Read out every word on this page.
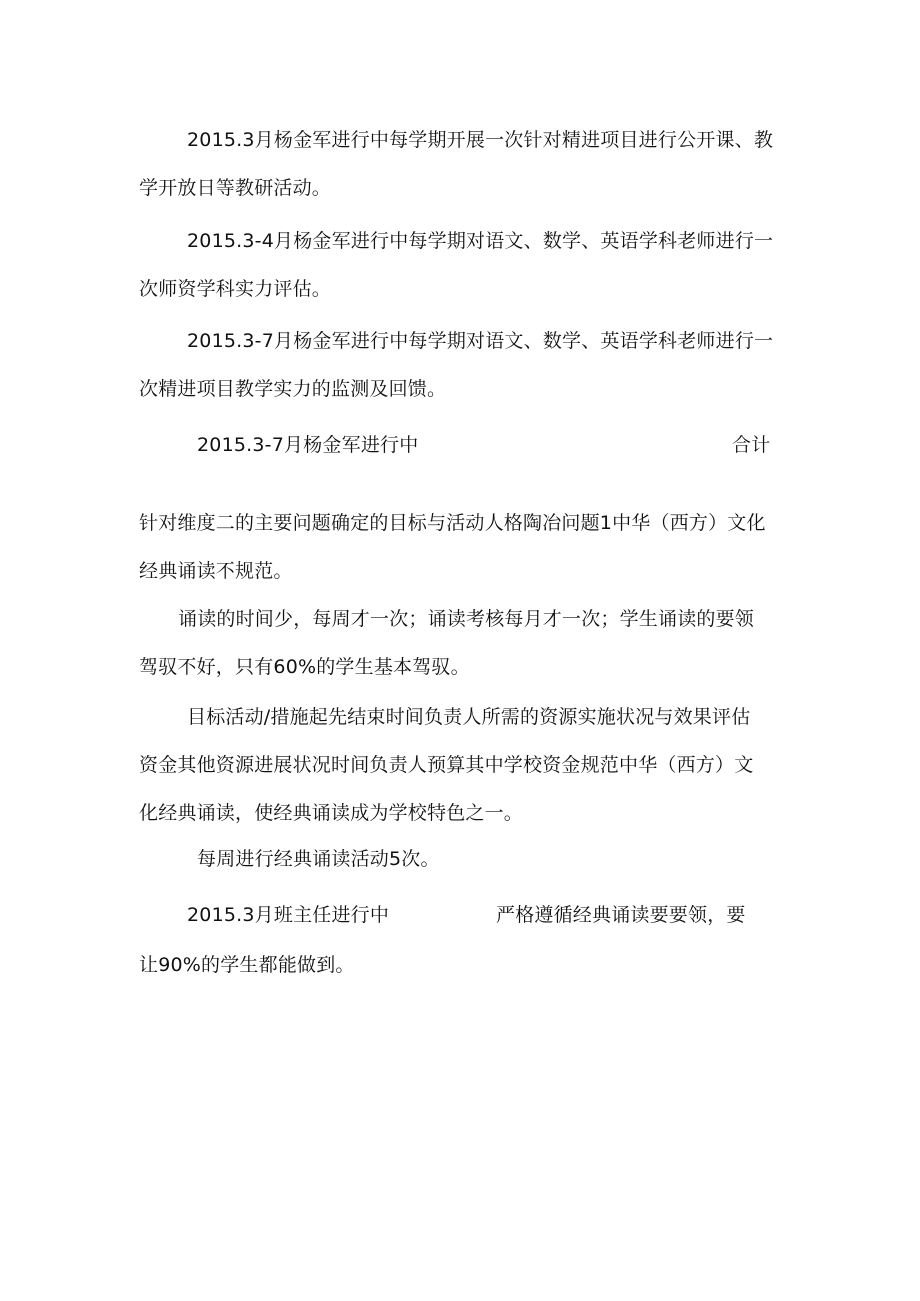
2015.3月杨金军进行中每学期开展一次针对精进项目进行公开课、教
学开放日等教研活动。
2015.3-4月杨金军进行中每学期对语文、数学、英语学科老师进行一
次师资学科实力评估。
2015.3-7月杨金军进行中每学期对语文、数学、英语学科老师进行一
次精进项目教学实力的监测及回馈。
2015.3-7月杨金军进行中	合计
针对维度二的主要问题确定的目标与活动人格陶冶问题1中华（西方）文化
经典诵读不规范。
诵读的时间少，每周才一次；诵读考核每月才一次；学生诵读的要领
驾驭不好，只有60%的学生基本驾驭。
目标活动/措施起先结束时间负责人所需的资源实施状况与效果评估
资金其他资源进展状况时间负责人预算其中学校资金规范中华（西方）文
化经典诵读，使经典诵读成为学校特色之一。
每周进行经典诵读活动5次。
2015.3月班主任进行中	严格遵循经典诵读要要领，要
让90%的学生都能做到。
